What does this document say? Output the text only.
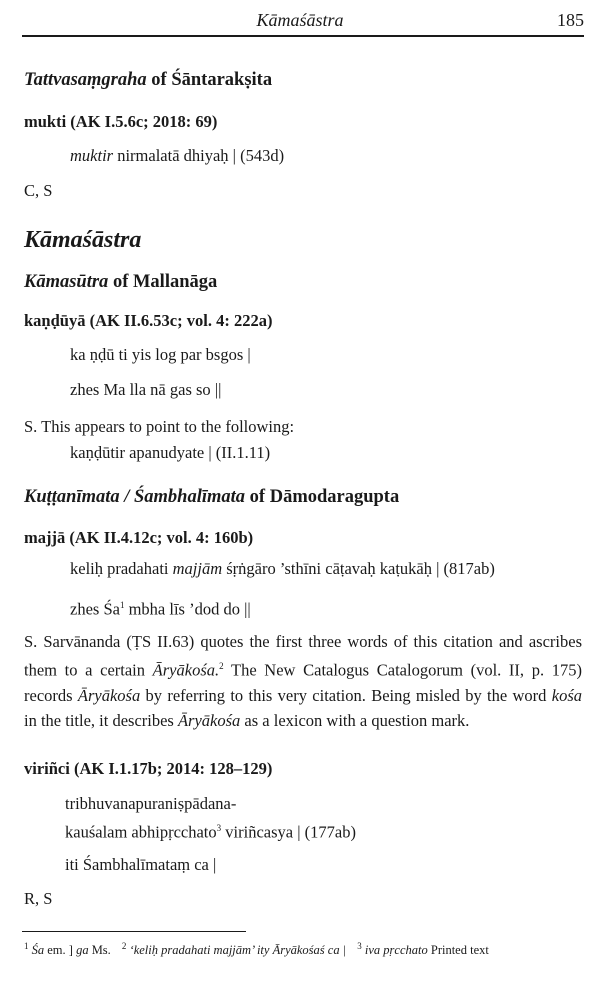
Kāmaśāstra	185
Tattvasaṃgraha of Śāntarakṣita
mukti (AK I.5.6c; 2018: 69)
muktir nirmalatā dhiyaḥ | (543d)
C, S
Kāmaśāstra
Kāmasūtra of Mallanāga
kaṇḍūyā (AK II.6.53c; vol. 4: 222a)
ka ṇḍū ti yis log par bsgos |
zhes Ma lla nā gas so ||
S. This appears to point to the following:
kaṇḍūtir apanudyate | (II.1.11)
Kuṭṭanīmata / Śambhalīmata of Dāmodaragupta
majjā (AK II.4.12c; vol. 4: 160b)
keliḥ pradahati majjām śṛṅgāro ’sthīni cāṭavaḥ kaṭukāḥ | (817ab)
zhes $Śa^1$ mbha līs ’dod do ||
S. Sarvānanda (ṬS II.63) quotes the first three words of this citation and ascribes them to a certain Āryākośa.$^2$ The New Catalogus Catalogorum (vol. II, p. 175) records Āryākośa by referring to this very citation. Being misled by the word kośa in the title, it describes Āryākośa as a lexicon with a question mark.
viriñci (AK I.1.17b; 2014: 128–129)
tribhuvanapuraniṣpādana-
kauśalam abhipṛcchato$^3$ viriñcasya | (177ab)
iti Śambhalīmataṃ ca |
R, S
$^1$ Śa em. ] ga Ms. $^2$ ‘keliḥ pradahati majjām’ ity Āryākośaś ca | $^3$ iva pṛcchato Printed text
